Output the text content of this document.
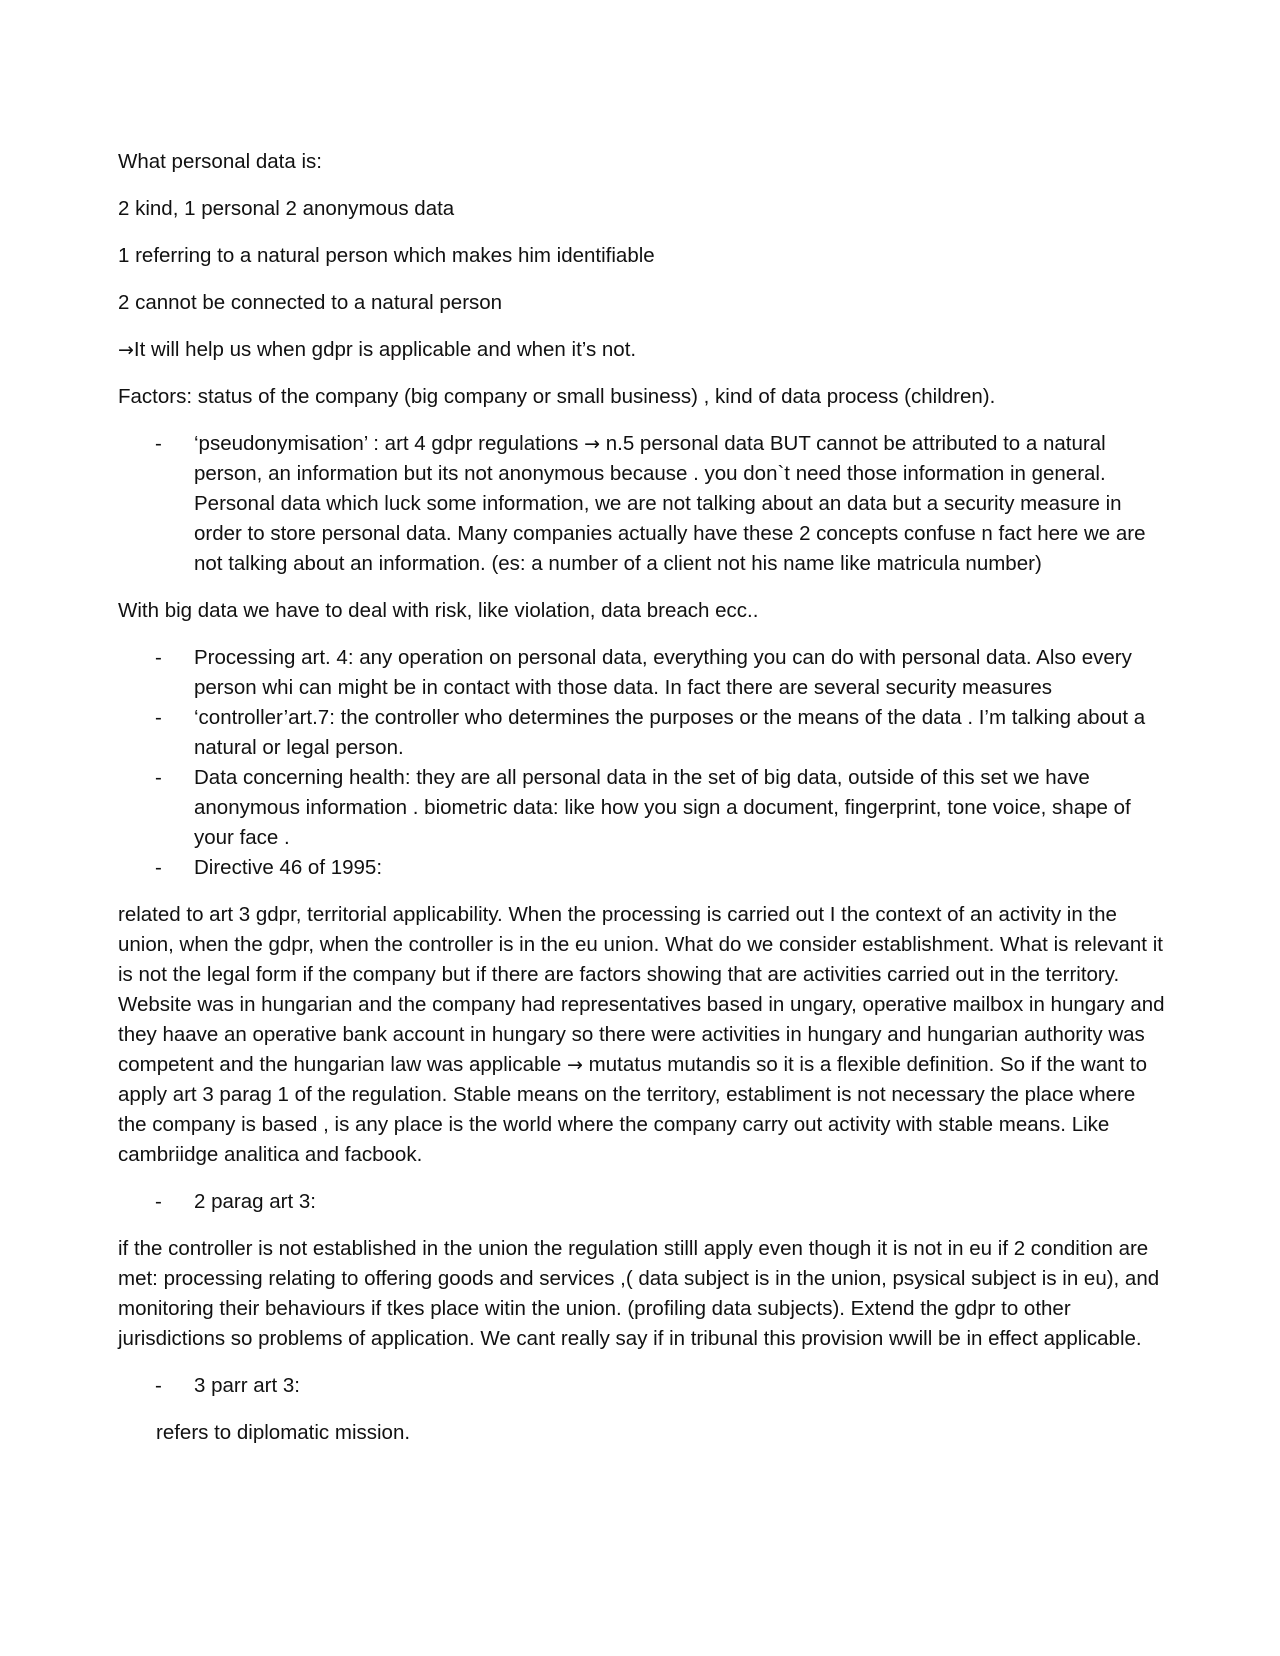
What personal data is:

2 kind, 1 personal 2 anonymous data

1 referring to a natural person which makes him identifiable

2 cannot be connected to a natural person

→It will help us when gdpr is applicable and when it’s not.

Factors: status of the company (big company or small business) , kind of data process (children).

- ‘pseudonymisation’ : art 4 gdpr regulations → n.5 personal data BUT cannot be attributed to a natural person, an information but its not anonymous because . you don`t need those information in general. Personal data which luck some information, we are not talking about an data but a security measure in order to store personal data. Many companies actually have these 2 concepts confuse n fact here we are not talking about an information. (es: a number of a client not his name like matricula number)

With big data we have to deal with risk, like violation, data breach ecc..

- Processing art. 4: any operation on personal data, everything you can do with personal data. Also every person whi can might be in contact with those data. In fact there are several security measures
- ‘controller’art.7: the controller who determines the purposes or the means of the data . I’m talking about a natural or legal person.
- Data concerning health: they are all personal data in the set of big data, outside of this set we have anonymous information . biometric data: like how you sign a document, fingerprint, tone voice, shape of your face .
- Directive 46 of 1995:

related to art 3 gdpr, territorial applicability. When the processing is carried out I the context of an activity in the union, when the gdpr, when the controller is in the eu union. What do we consider establishment. What is relevant it is not the legal form if the company but if there are factors showing that are activities carried out in the territory. Website was in hungarian and the company had representatives based in ungary, operative mailbox in hungary and they haave an operative bank account in hungary so there were activities in hungary and hungarian authority was competent and the hungarian law was applicable → mutatus mutandis so it is a flexible definition. So if the want to apply art 3 parag 1 of the regulation. Stable means on the territory, establiment is not necessary the place where the company is based , is any place is the world where the company carry out activity with stable means. Like cambriidge analitica and facbook.

- 2 parag art 3:

if the controller is not established in the union the regulation stilll apply even though it is not in eu if 2 condition are met: processing relating to offering goods and services ,( data subject is in the union, psysical subject is in eu), and monitoring their behaviours if tkes place witin the union. (profiling data subjects). Extend the gdpr to other jurisdictions so problems of application. We cant really say if in tribunal this provision wwill be in effect applicable.

- 3 parr art 3:

refers to diplomatic mission.
